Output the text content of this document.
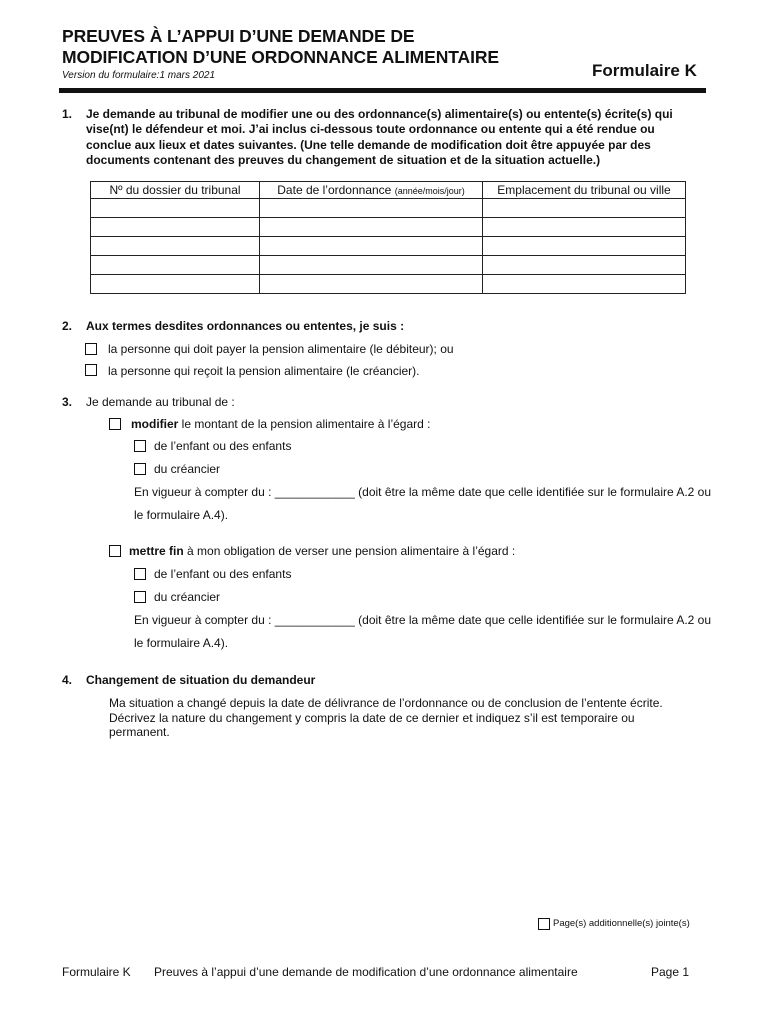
PREUVES À L’APPUI D’UNE DEMANDE DE
MODIFICATION D’UNE ORDONNANCE ALIMENTAIRE
Version du formulaire:1 mars 2021	Formulaire K
1. Je demande au tribunal de modifier une ou des ordonnance(s) alimentaire(s) ou entente(s) écrite(s) qui
vise(nt) le défendeur et moi. J’ai inclus ci-dessous toute ordonnance ou entente qui a été rendue ou
conclue aux lieux et dates suivantes. (Une telle demande de modification doit être appuyée par des
documents contenant des preuves du changement de situation et de la situation actuelle.)
Nº du dossier du tribunal	Date de l’ordonnance (année/mois/jour)	Emplacement du tribunal ou ville

2. Aux termes desdites ordonnances ou ententes, je suis :
la personne qui doit payer la pension alimentaire (le débiteur); ou
la personne qui reçoit la pension alimentaire (le créancier).
3. Je demande au tribunal de :
modifier le montant de la pension alimentaire à l’égard :
de l’enfant ou des enfants
du créancier
En vigueur à compter du : ____________ (doit être la même date que celle identifiée sur le formulaire A.2 ou
le formulaire A.4).
mettre fin à mon obligation de verser une pension alimentaire à l’égard :
de l’enfant ou des enfants
du créancier
En vigueur à compter du : ____________ (doit être la même date que celle identifiée sur le formulaire A.2 ou
le formulaire A.4).
4. Changement de situation du demandeur
Ma situation a changé depuis la date de délivrance de l’ordonnance ou de conclusion de l’entente écrite.
Décrivez la nature du changement y compris la date de ce dernier et indiquez s’il est temporaire ou
permanent.
Page(s) additionnelle(s) jointe(s)
Formulaire K Preuves à l’appui d’une demande de modification d’une ordonnance alimentaire	Page 1
